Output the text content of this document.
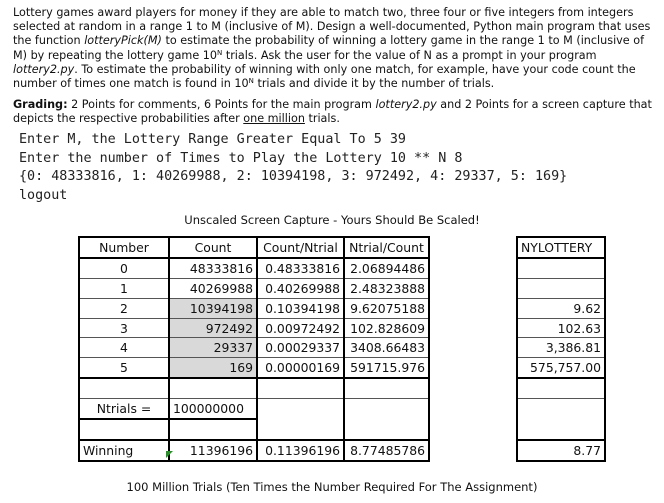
Lottery games award players for money if they are able to match two, three four or five integers from integers selected at random in a range 1 to M (inclusive of M). Design a well-documented, Python main program that uses the function lotteryPick(M) to estimate the probability of winning a lottery game in the range 1 to M (inclusive of M) by repeating the lottery game $10^N$ trials. Ask the user for the value of N as a prompt in your program lottery2.py. To estimate the probability of winning with only one match, for example, have your code count the number of times one match is found in $10^N$ trials and divide it by the number of trials.

Grading: 2 Points for comments, 6 Points for the main program lottery2.py and 2 Points for a screen capture that depicts the respective probabilities after one million trials.

Enter M, the Lottery Range Greater Equal To 5 39
Enter the number of Times to Play the Lottery 10 ** N 8
{0: 48333816, 1: 40269988, 2: 10394198, 3: 972492, 4: 29337, 5: 169}
logout
Unscaled Screen Capture - Yours Should Be Scaled!
Number	Count	Count/Ntrial	Ntrial/Count		NYLOTTERY
0	48333816	0.48333816	2.06894486		
1	40269988	0.40269988	2.48323888		
2	10394198	0.10394198	9.62075188		9.62
3	972492	0.00972492	102.828609		102.63
4	29337	0.00029337	3408.66483		3,386.81
5	169	0.00000169	591715.976		575,757.00

Ntrials =	100000000				

Winning	11396196	0.11396196	8.77485786		8.77
100 Million Trials (Ten Times the Number Required For The Assignment)
